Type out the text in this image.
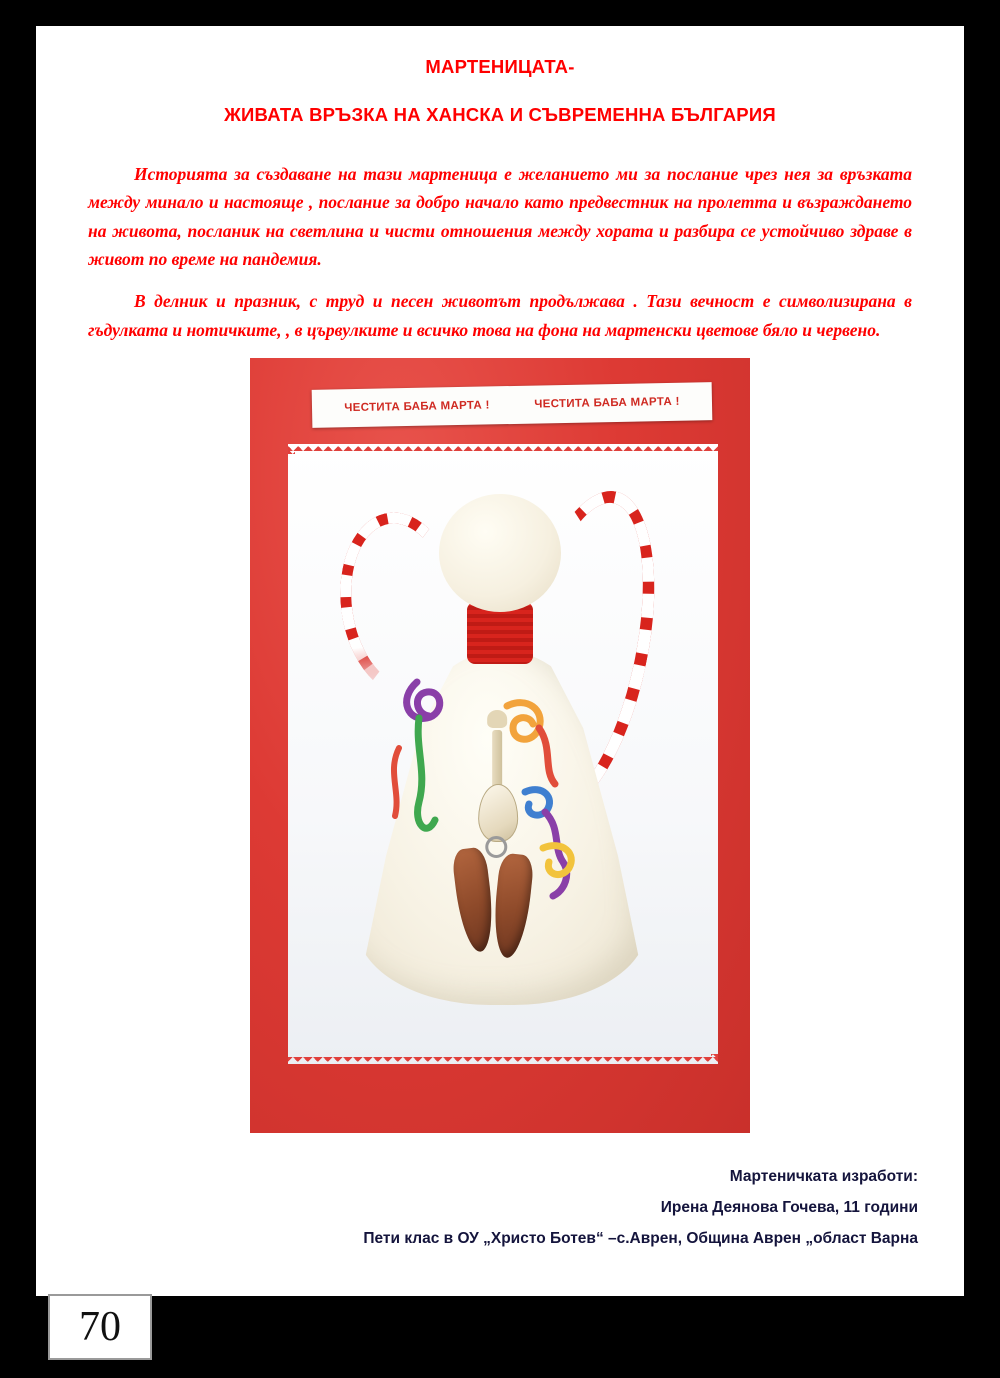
МАРТЕНИЦАТА-
ЖИВАТА ВРЪЗКА НА ХАНСКА И СЪВРЕМЕННА БЪЛГАРИЯ

Историята за създаване на тази мартеница е желанието ми за послание чрез нея за връзката между минало и настояще , послание за добро начало като предвестник на пролетта и възраждането на живота, посланик на светлина и чисти отношения между хората и разбира се устойчиво здраве в живот по време на пандемия.

В делник и празник, с труд и песен животът продължава . Тази вечност е символизирана в гъдулката и нотичките, , в цървулките и всичко това на фона на мартенски цветове бяло и червено.

ЧЕСТИТА БАБА МАРТА !	ЧЕСТИТА БАБА МАРТА !
Мартеничката изработи:
Ирена Деянова Гочева, 11 години
Пети клас в ОУ „Христо Ботев“ –с.Аврен, Община Аврен „област Варна
70
